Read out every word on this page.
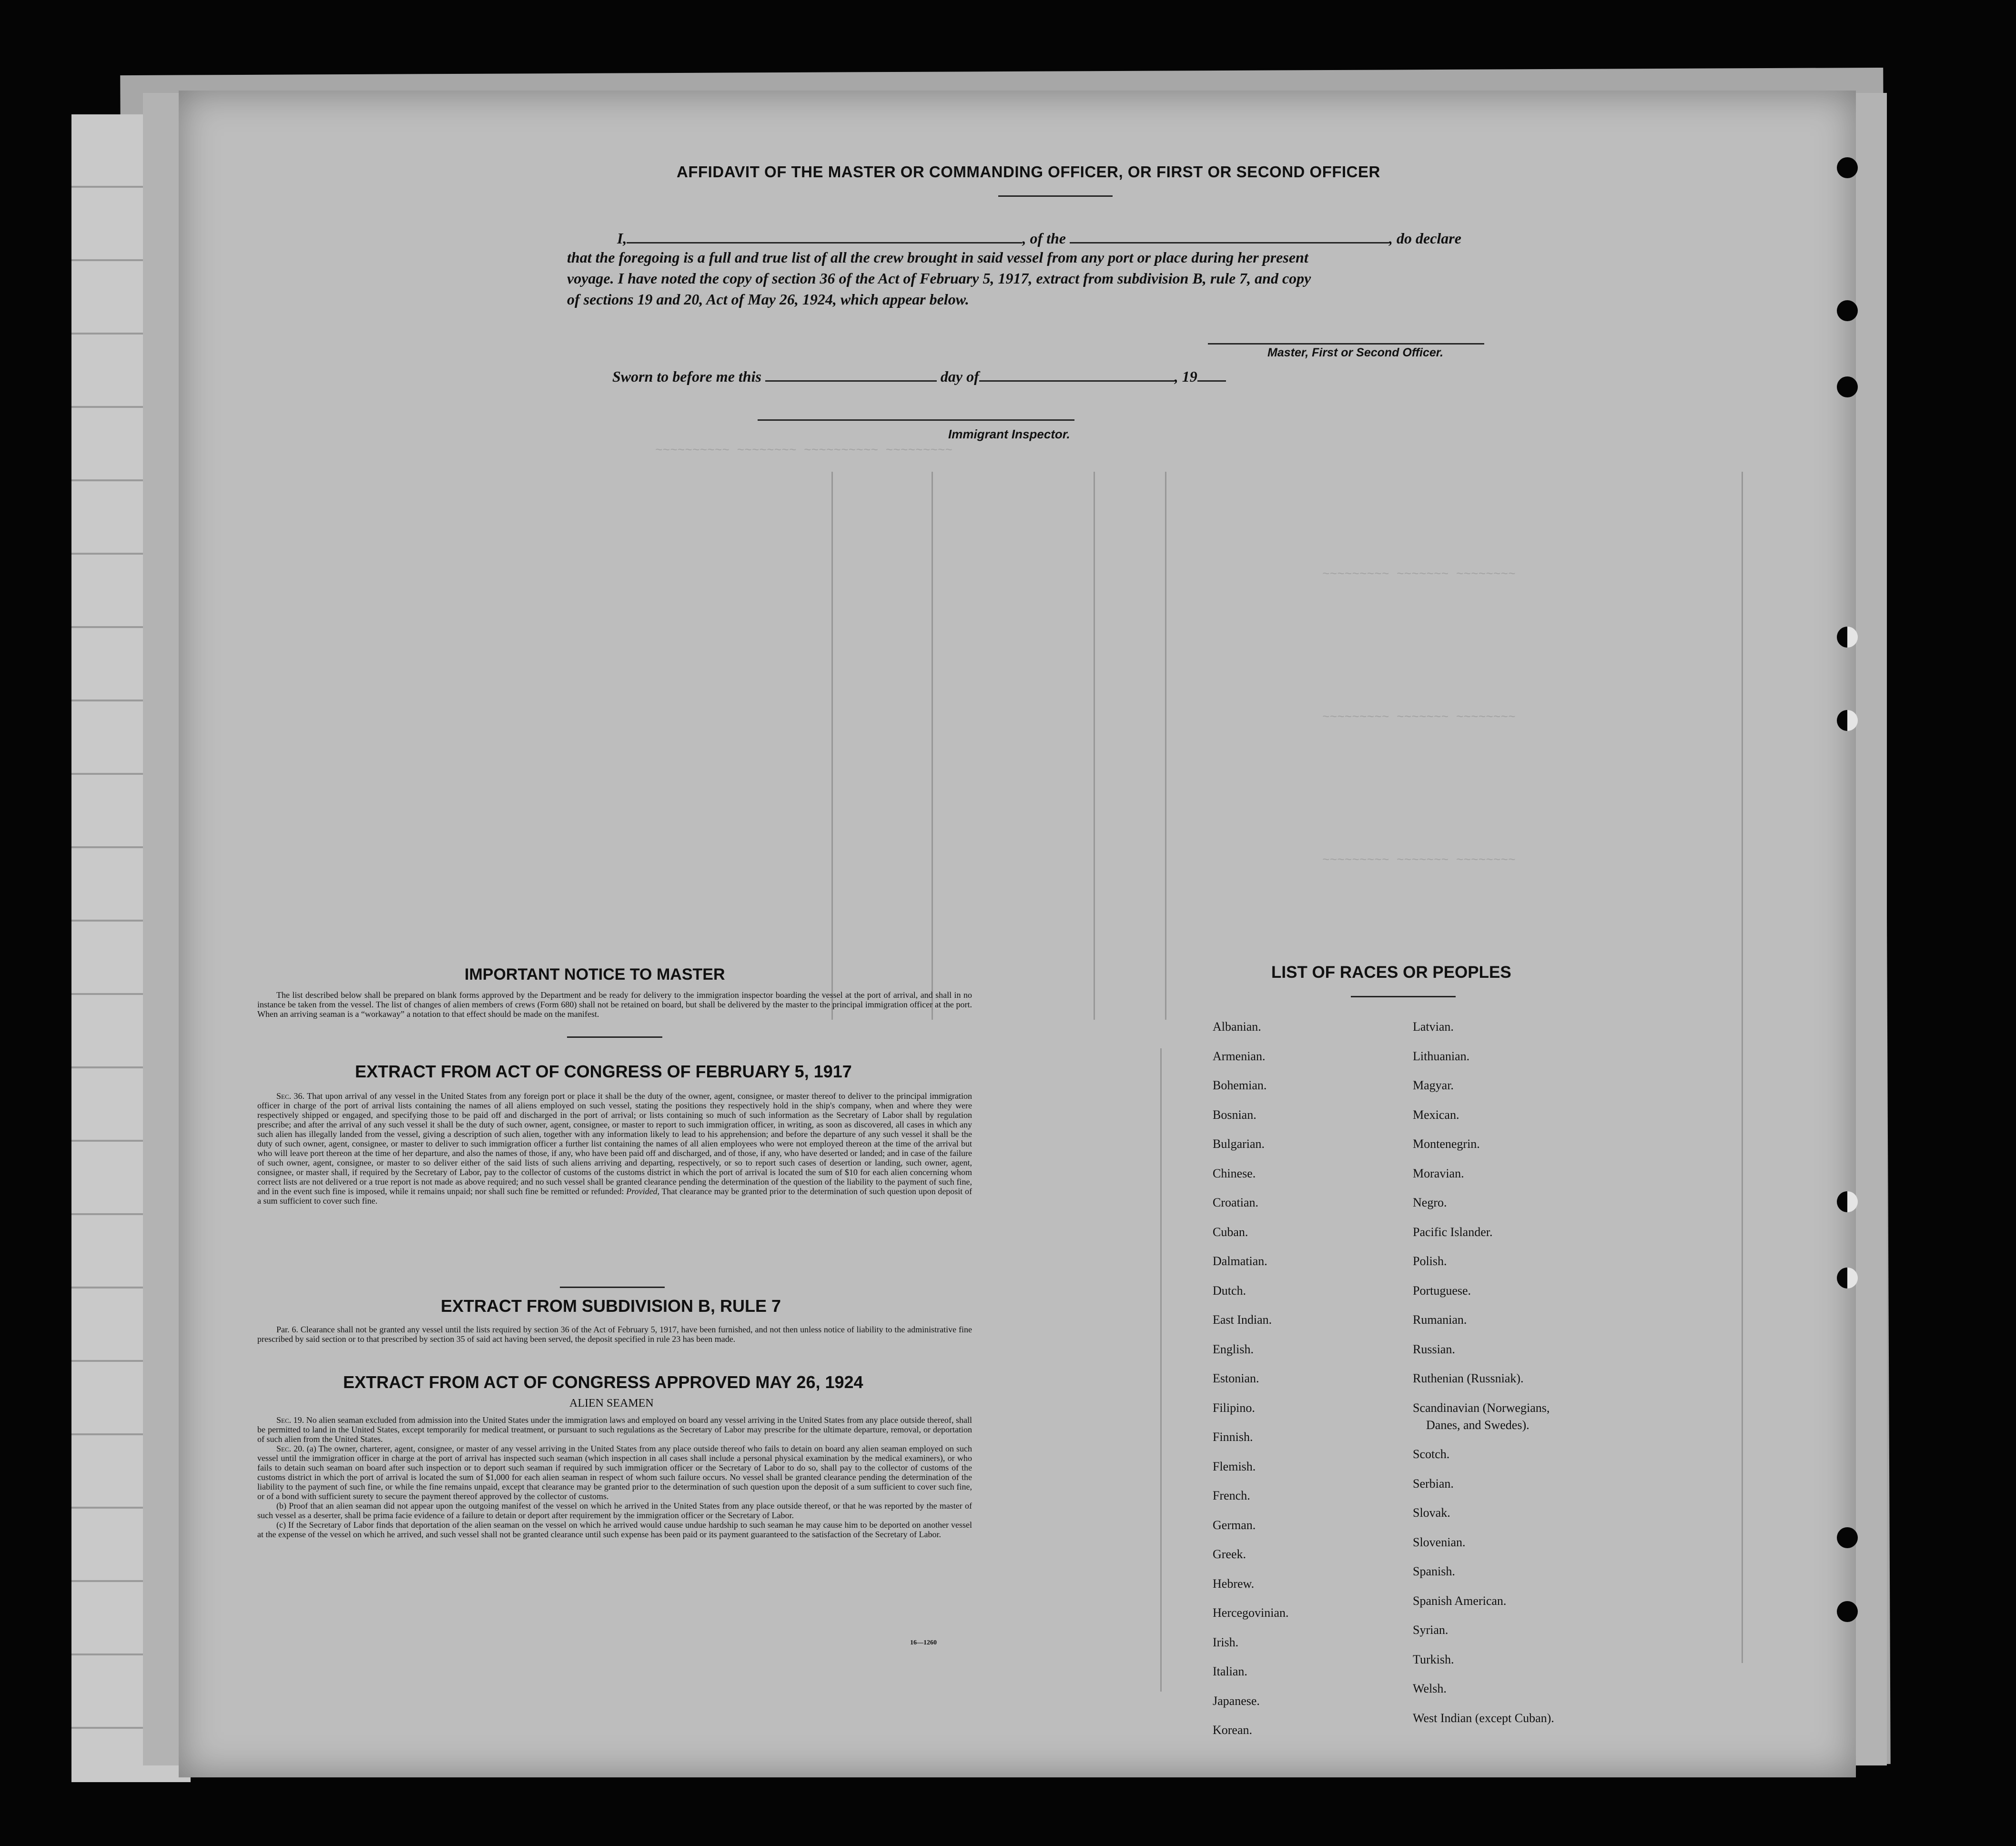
~~~~~~~~~~ ~~~~~~~~ ~~~~~~~~~~ ~~~~~~~~~
~~~~~~~~~ ~~~~~~~ ~~~~~~~~
~~~~~~~~~ ~~~~~~~ ~~~~~~~~
~~~~~~~~~ ~~~~~~~ ~~~~~~~~
AFFIDAVIT OF THE MASTER OR COMMANDING OFFICER, OR FIRST OR SECOND OFFICER
I,	, of the	, do declare
that the foregoing is a full and true list of all the crew brought in said vessel from any port or place during her present
voyage. I have noted the copy of section 36 of the Act of February 5, 1917, extract from subdivision B, rule 7, and copy
of sections 19 and 20, Act of May 26, 1924, which appear below.
Master, First or Second Officer.
Sworn to before me this	day of	, 19
Immigrant Inspector.
IMPORTANT NOTICE TO MASTER

The list described below shall be prepared on blank forms approved by the Department and be ready for delivery to the immigration inspector boarding the vessel at the port of arrival, and shall in no instance be taken from the vessel. The list of changes of alien members of crews (Form 680) shall not be retained on board, but shall be delivered by the master to the principal immigration officer at the port. When an arriving seaman is a “workaway” a notation to that effect should be made on the manifest.

EXTRACT FROM ACT OF CONGRESS OF FEBRUARY 5, 1917

Sec. 36. That upon arrival of any vessel in the United States from any foreign port or place it shall be the duty of the owner, agent, consignee, or master thereof to deliver to the principal immigration officer in charge of the port of arrival lists containing the names of all aliens employed on such vessel, stating the positions they respectively hold in the ship's company, when and where they were respectively shipped or engaged, and specifying those to be paid off and discharged in the port of arrival; or lists containing so much of such information as the Secretary of Labor shall by regulation prescribe; and after the arrival of any such vessel it shall be the duty of such owner, agent, consignee, or master to report to such immigration officer, in writing, as soon as discovered, all cases in which any such alien has illegally landed from the vessel, giving a description of such alien, together with any information likely to lead to his apprehension; and before the departure of any such vessel it shall be the duty of such owner, agent, consignee, or master to deliver to such immigration officer a further list containing the names of all alien employees who were not employed thereon at the time of the arrival but who will leave port thereon at the time of her departure, and also the names of those, if any, who have been paid off and discharged, and of those, if any, who have deserted or landed; and in case of the failure of such owner, agent, consignee, or master to so deliver either of the said lists of such aliens arriving and departing, respectively, or so to report such cases of desertion or landing, such owner, agent, consignee, or master shall, if required by the Secretary of Labor, pay to the collector of customs of the customs district in which the port of arrival is located the sum of $10 for each alien concerning whom correct lists are not delivered or a true report is not made as above required; and no such vessel shall be granted clearance pending the determination of the question of the liability to the payment of such fine, and in the event such fine is imposed, while it remains unpaid; nor shall such fine be remitted or refunded: Provided, That clearance may be granted prior to the determination of such question upon deposit of a sum sufficient to cover such fine.

EXTRACT FROM SUBDIVISION B, RULE 7

Par. 6. Clearance shall not be granted any vessel until the lists required by section 36 of the Act of February 5, 1917, have been furnished, and not then unless notice of liability to the administrative fine prescribed by said section or to that prescribed by section 35 of said act having been served, the deposit specified in rule 23 has been made.

EXTRACT FROM ACT OF CONGRESS APPROVED MAY 26, 1924
ALIEN SEAMEN

Sec. 19. No alien seaman excluded from admission into the United States under the immigration laws and employed on board any vessel arriving in the United States from any place outside thereof, shall be permitted to land in the United States, except temporarily for medical treatment, or pursuant to such regulations as the Secretary of Labor may prescribe for the ultimate departure, removal, or deportation of such alien from the United States.

Sec. 20. (a) The owner, charterer, agent, consignee, or master of any vessel arriving in the United States from any place outside thereof who fails to detain on board any alien seaman employed on such vessel until the immigration officer in charge at the port of arrival has inspected such seaman (which inspection in all cases shall include a personal physical examination by the medical examiners), or who fails to detain such seaman on board after such inspection or to deport such seaman if required by such immigration officer or the Secretary of Labor to do so, shall pay to the collector of customs of the customs district in which the port of arrival is located the sum of $1,000 for each alien seaman in respect of whom such failure occurs. No vessel shall be granted clearance pending the determination of the liability to the payment of such fine, or while the fine remains unpaid, except that clearance may be granted prior to the determination of such question upon the deposit of a sum sufficient to cover such fine, or of a bond with sufficient surety to secure the payment thereof approved by the collector of customs.

(b) Proof that an alien seaman did not appear upon the outgoing manifest of the vessel on which he arrived in the United States from any place outside thereof, or that he was reported by the master of such vessel as a deserter, shall be prima facie evidence of a failure to detain or deport after requirement by the immigration officer or the Secretary of Labor.

(c) If the Secretary of Labor finds that deportation of the alien seaman on the vessel on which he arrived would cause undue hardship to such seaman he may cause him to be deported on another vessel at the expense of the vessel on which he arrived, and such vessel shall not be granted clearance until such expense has been paid or its payment guaranteed to the satisfaction of the Secretary of Labor.

16—1260
LIST OF RACES OR PEOPLES
Albanian.
Armenian.
Bohemian.
Bosnian.
Bulgarian.
Chinese.
Croatian.
Cuban.
Dalmatian.
Dutch.
East Indian.
English.
Estonian.
Filipino.
Finnish.
Flemish.
French.
German.
Greek.
Hebrew.
Hercegovinian.
Irish.
Italian.
Japanese.
Korean.
Latvian.
Lithuanian.
Magyar.
Mexican.
Montenegrin.
Moravian.
Negro.
Pacific Islander.
Polish.
Portuguese.
Rumanian.
Russian.
Ruthenian (Russniak).
Scandinavian (Norwegians,
Danes, and Swedes).
Scotch.
Serbian.
Slovak.
Slovenian.
Spanish.
Spanish American.
Syrian.
Turkish.
Welsh.
West Indian (except Cuban).
